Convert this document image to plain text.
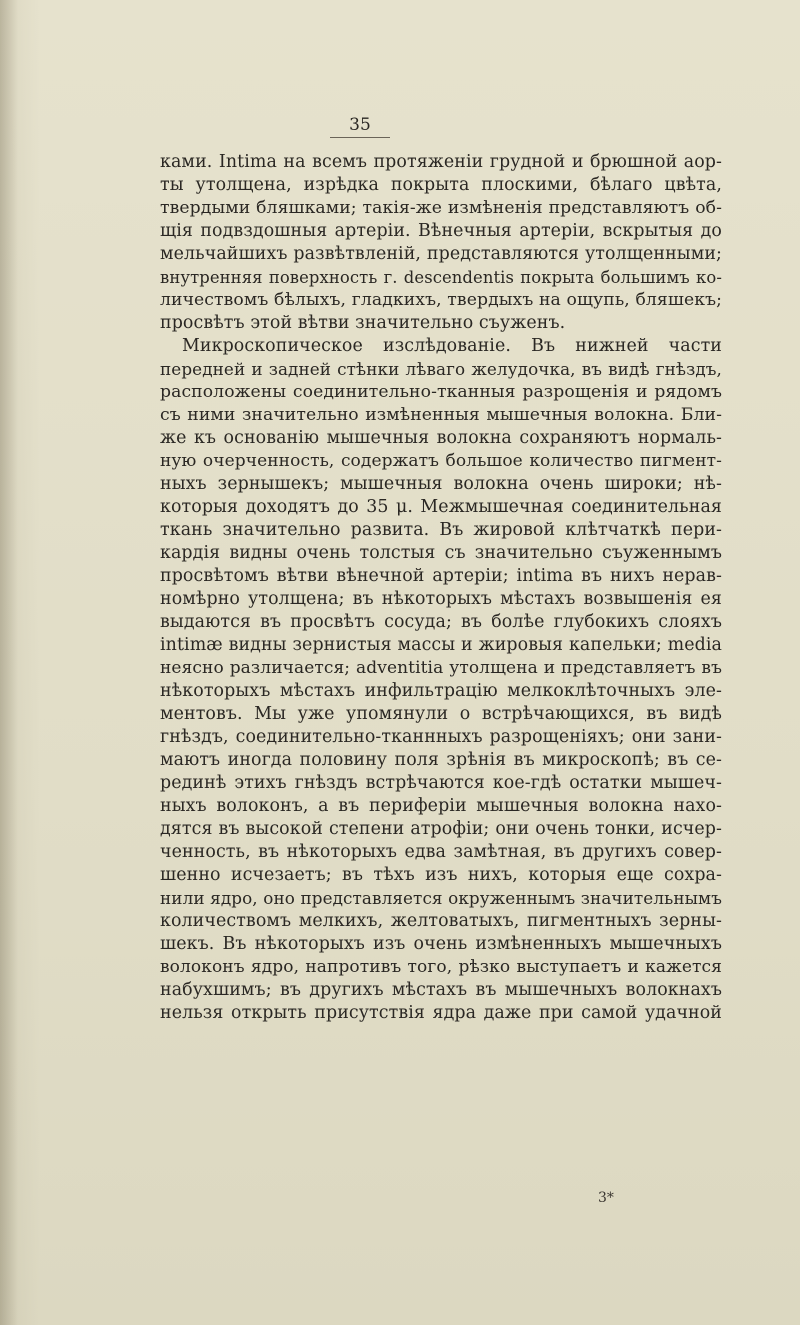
35
ками. Intima на всемъ протяженіи грудной и брюшной аор-
ты утолщена, изрѣдка покрыта плоскими, бѣлаго цвѣта,
твердыми бляшками; такія-же измѣненія представляютъ об-
щія подвздошныя артеріи. Вѣнечныя артеріи, вскрытыя до
мельчайшихъ развѣтвленій, представляются утолщенными;
внутренняя поверхность г. descendentis покрыта большимъ ко-
личествомъ бѣлыхъ, гладкихъ, твердыхъ на ощупь, бляшекъ;
просвѣтъ этой вѣтви значительно съуженъ.
Микроскопическое изслѣдованіе. Въ нижней части
передней и задней стѣнки лѣваго желудочка, въ видѣ гнѣздъ,
расположены соединительно-тканныя разрощенія и рядомъ
съ ними значительно измѣненныя мышечныя волокна. Бли-
же къ основанію мышечныя волокна сохраняютъ нормаль-
ную очерченность, содержатъ большое количество пигмент-
ныхъ зернышекъ; мышечныя волокна очень широки; нѣ-
которыя доходятъ до 35 μ. Межмышечная соединительная
ткань значительно развита. Въ жировой клѣтчаткѣ пери-
кардія видны очень толстыя съ значительно съуженнымъ
просвѣтомъ вѣтви вѣнечной артеріи; intima въ нихъ нерав-
номѣрно утолщена; въ нѣкоторыхъ мѣстахъ возвышенія ея
выдаются въ просвѣтъ сосуда; въ болѣе глубокихъ слояхъ
intimæ видны зернистыя массы и жировыя капельки; media
неясно различается; adventitia утолщена и представляетъ въ
нѣкоторыхъ мѣстахъ инфильтрацію мелкоклѣточныхъ эле-
ментовъ. Мы уже упомянули о встрѣчающихся, въ видѣ
гнѣздъ, соединительно-тканнныхъ разрощеніяхъ; они зани-
маютъ иногда половину поля зрѣнія въ микроскопѣ; въ се-
рединѣ этихъ гнѣздъ встрѣчаются кое-гдѣ остатки мышеч-
ныхъ волоконъ, а въ периферіи мышечныя волокна нахо-
дятся въ высокой степени атрофіи; они очень тонки, исчер-
ченность, въ нѣкоторыхъ едва замѣтная, въ другихъ совер-
шенно исчезаетъ; въ тѣхъ изъ нихъ, которыя еще сохра-
нили ядро, оно представляется окруженнымъ значительнымъ
количествомъ мелкихъ, желтоватыхъ, пигментныхъ зерны-
шекъ. Въ нѣкоторыхъ изъ очень измѣненныхъ мышечныхъ
волоконъ ядро, напротивъ того, рѣзко выступаетъ и кажется
набухшимъ; въ другихъ мѣстахъ въ мышечныхъ волокнахъ
нельзя открыть присутствія ядра даже при самой удачной
3*
